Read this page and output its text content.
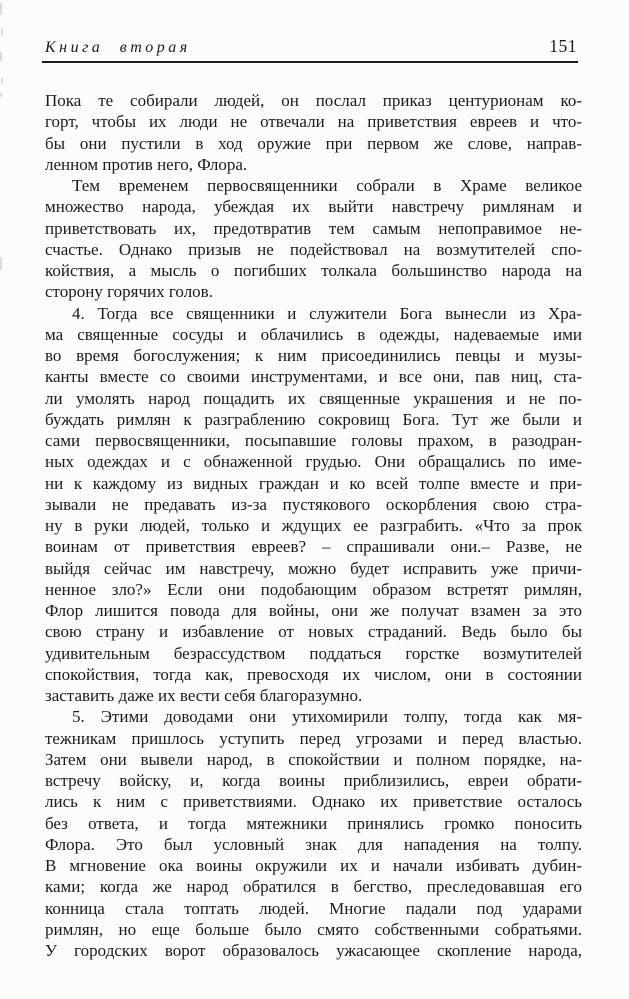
Книга вторая	151
Пока те собирали людей, он послал приказ центурионам ко-
горт, чтобы их люди не отвечали на приветствия евреев и что-
бы они пустили в ход оружие при первом же слове, направ-
ленном против него, Флора.
Тем временем первосвященники собрали в Храме великое
множество народа, убеждая их выйти навстречу римлянам и
приветствовать их, предотвратив тем самым непоправимое не-
счастье. Однако призыв не подействовал на возмутителей спо-
койствия, а мысль о погибших толкала большинство народа на
сторону горячих голов.
4. Тогда все священники и служители Бога вынесли из Хра-
ма священные сосуды и облачились в одежды, надеваемые ими
во время богослужения; к ним присоединились певцы и музы-
канты вместе со своими инструментами, и все они, пав ниц, ста-
ли умолять народ пощадить их священные украшения и не по-
буждать римлян к разграблению сокровищ Бога. Тут же были и
сами первосвященники, посыпавшие головы прахом, в разодран-
ных одеждах и с обнаженной грудью. Они обращались по име-
ни к каждому из видных граждан и ко всей толпе вместе и при-
зывали не предавать из-за пустякового оскорбления свою стра-
ну в руки людей, только и ждущих ее разграбить. «Что за прок
воинам от приветствия евреев? – спрашивали они.– Разве, не
выйдя сейчас им навстречу, можно будет исправить уже причи-
ненное зло?» Если они подобающим образом встретят римлян,
Флор лишится повода для войны, они же получат взамен за это
свою страну и избавление от новых страданий. Ведь было бы
удивительным безрассудством поддаться горстке возмутителей
спокойствия, тогда как, превосходя их числом, они в состоянии
заставить даже их вести себя благоразумно.
5. Этими доводами они утихомирили толпу, тогда как мя-
тежникам пришлось уступить перед угрозами и перед властью.
Затем они вывели народ, в спокойствии и полном порядке, на-
встречу войску, и, когда воины приблизились, евреи обрати-
лись к ним с приветствиями. Однако их приветствие осталось
без ответа, и тогда мятежники принялись громко поносить
Флора. Это был условный знак для нападения на толпу.
В мгновение ока воины окружили их и начали избивать дубин-
ками; когда же народ обратился в бегство, преследовавшая его
конница стала топтать людей. Многие падали под ударами
римлян, но еще больше было смято собственными собратьями.
У городских ворот образовалось ужасающее скопление народа,
